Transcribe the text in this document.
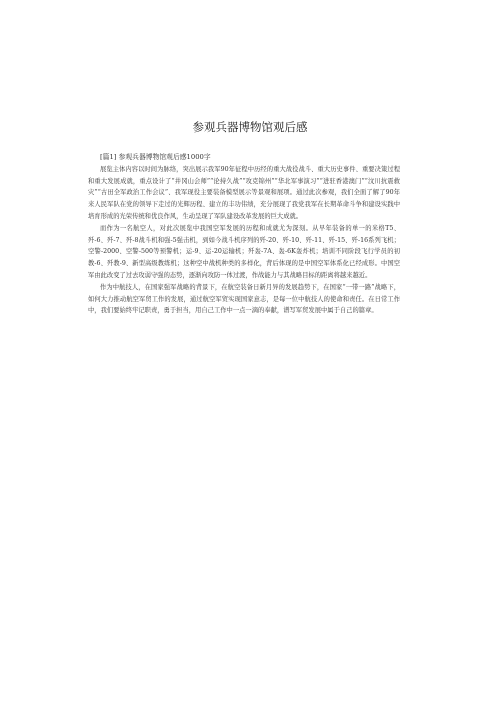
参观兵器博物馆观后感

[篇1] 参观兵器博物馆观后感1000字

展览主体内容以时间为脉络，突出展示我军90年征程中历经的重大战役战斗、重大历史事件、重要决策过程和重大发展成就，重点设计了“井冈山会师”“论持久战”“攻克锦州”“华北军事演习”“进驻香港澳门”“汶川抗震救灾”“古田全军政治工作会议”、我军现役主要装备模型展示等景观和展项。通过此次参观，我们全面了解了90年来人民军队在党的领导下走过的光辉历程、建立的丰功伟绩，充分展现了我党我军在长期革命斗争和建设实践中培育形成的光荣传统和优良作风，生动呈现了军队建设改革发展的巨大成就。

而作为一名航空人，对此次展览中我国空军发展的历程和成就尤为深刻。从早年装备的单一的米格T5、歼-6、歼-7、歼-8战斗机和强-5强击机，到如今战斗机序列的歼-20、歼-10、歼-11、歼-15、歼-16系列飞机；空警-2000、空警-500等预警机；运-9、运-20运输机；歼轰-7A、轰-6K轰炸机；培训不同阶段飞行学员的初教-6、歼教-9、新型高级教练机；这种空中战机种类的多样化，背后体现的是中国空军体系化已经成形。中国空军由此改变了过去攻弱守强的态势，逐渐向攻防一体过渡，作战能力与其战略目标的距离将越来越近。

作为中航技人，在国家强军战略的背景下，在航空装备日新月异的发展趋势下，在国家“一带一路”战略下，如何大力推动航空军贸工作的发展，通过航空军贸实现国家意志，是每一位中航技人的使命和责任。在日常工作中，我们要始终牢记职责，勇于担当，用自己工作中一点一滴的奉献，谱写军贸发展中属于自己的篇章。
